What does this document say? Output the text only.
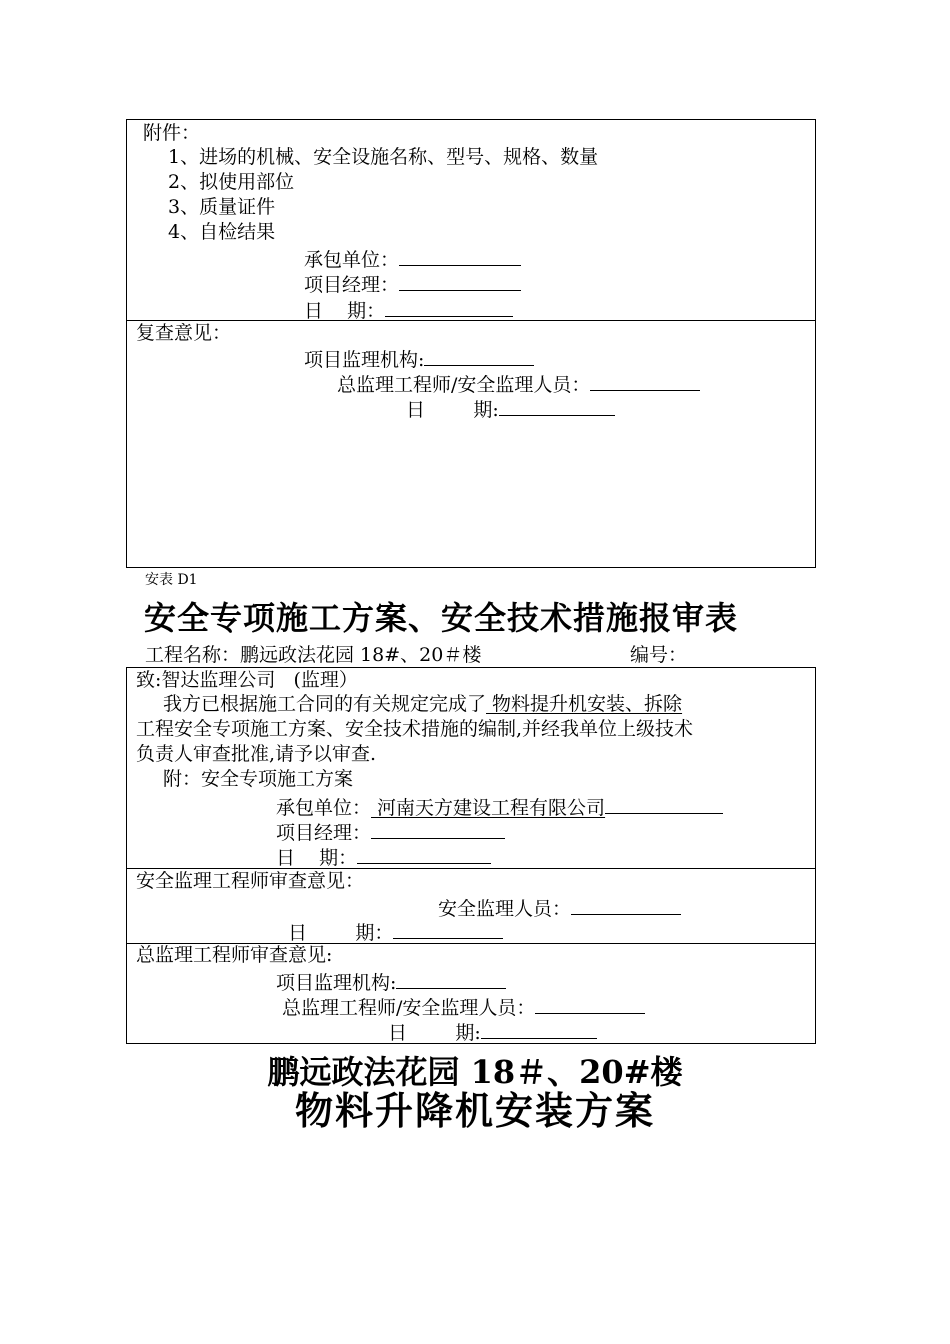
附件：
1、进场的机械、安全设施名称、型号、规格、数量
2、拟使用部位
3、质量证件
4、自检结果
承包单位：
项目经理：
日    期：
复查意见：
项目监理机构:
总监理工程师/安全监理人员：
日        期:
安表 D1
安全专项施工方案、安全技术措施报审表
工程名称：鹏远政法花园 18#、20＃楼	编号：
致:智达监理公司   (监理）
我方已根据施工合同的有关规定完成了 物料提升机安装、拆除
工程安全专项施工方案、安全技术措施的编制,并经我单位上级技术
负责人审查批准,请予以审查.
附：安全专项施工方案
承包单位： 河南天方建设工程有限公司
项目经理：
日    期：
安全监理工程师审查意见：
安全监理人员：
日        期：
总监理工程师审查意见:
项目监理机构:
总监理工程师/安全监理人员：
日        期:
鹏远政法花园 18＃、20#楼
物料升降机安装方案
